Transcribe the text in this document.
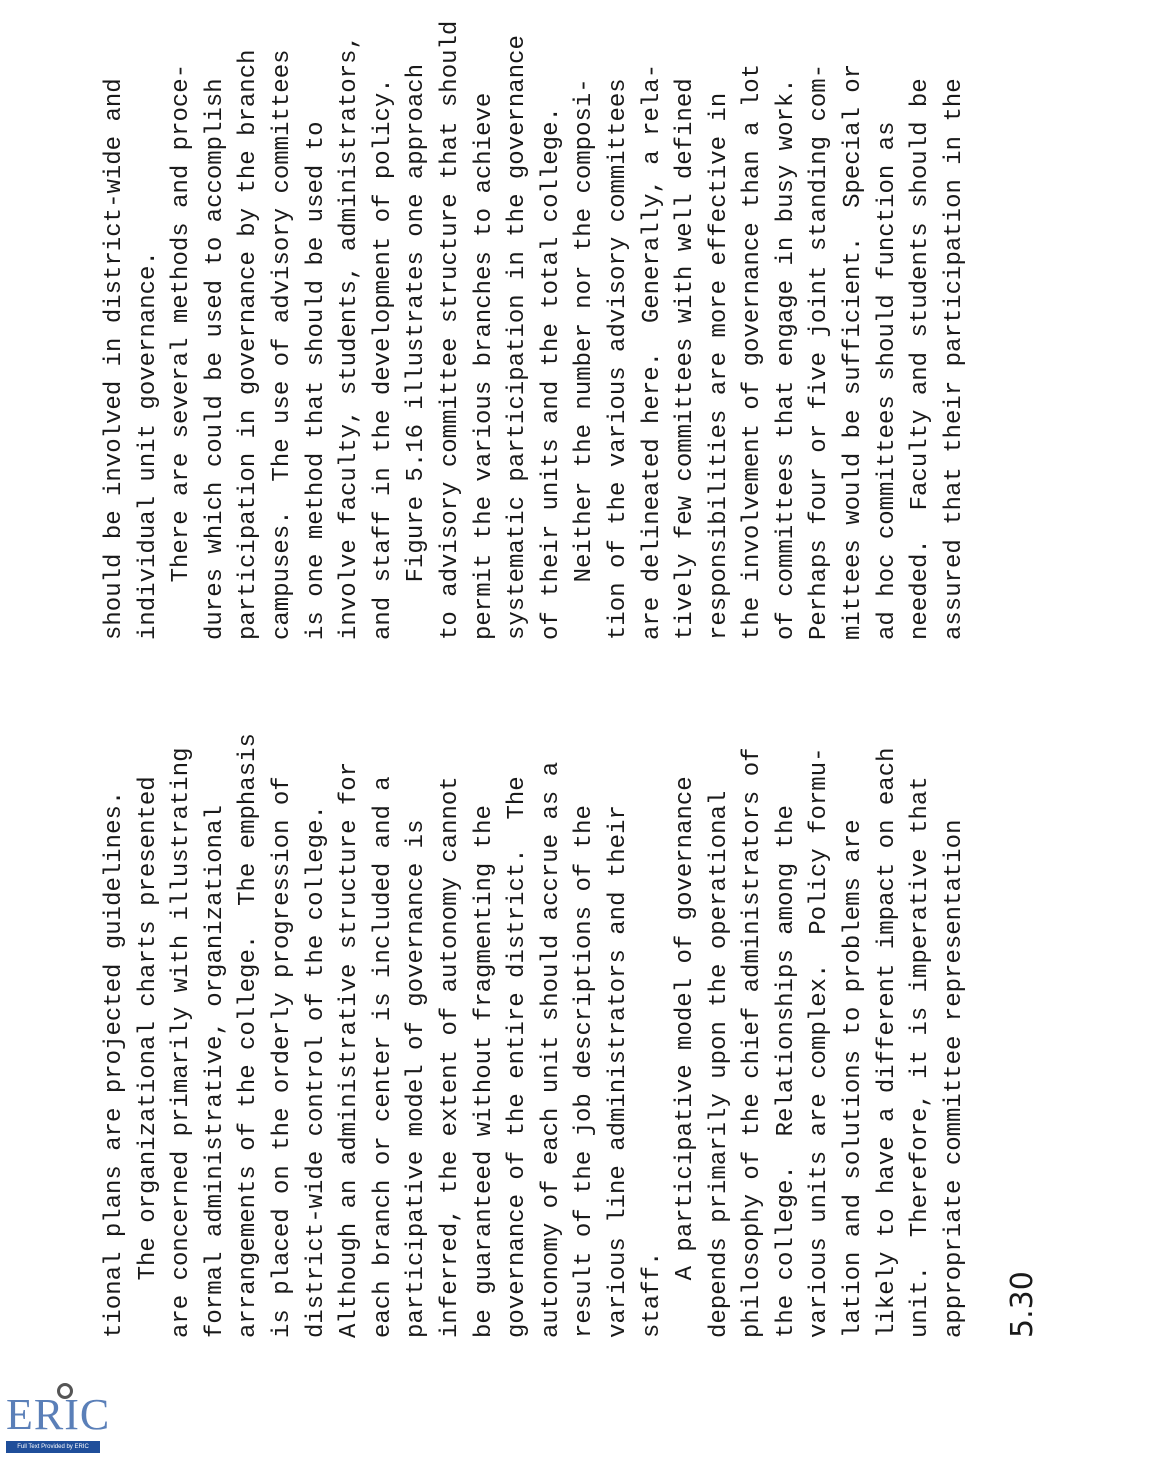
ERIC
Full Text Provided by ERIC
tional plans are projected guidelines. The organizational charts presented are concerned primarily with illustrating formal administrative, organizational arrangements of the college.  The emphasis is placed on the orderly progression of district-wide control of the college. Although an administrative structure for each branch or center is included and a participative model of governance is inferred, the extent of autonomy cannot be guaranteed without fragmenting the governance of the entire district.  The autonomy of each unit should accrue as a result of the job descriptions of the various line administrators and their staff. A participative model of governance depends primarily upon the operational philosophy of the chief administrators of the college.  Relationships among the various units are complex.  Policy formu- lation and solutions to problems are likely to have a different impact on each unit.  Therefore, it is imperative that appropriate committee representation
should be involved in district-wide and individual unit governance. There are several methods and proce- dures which could be used to accomplish participation in governance by the branch campuses.  The use of advisory committees is one method that should be used to involve faculty, students, administrators, and staff in the development of policy. Figure 5.16 illustrates one approach to advisory committee structure that should permit the various branches to achieve systematic participation in the governance of their units and the total college. Neither the number nor the composi- tion of the various advisory committees are delineated here.  Generally, a rela- tively few committees with well defined responsibilities are more effective in the involvement of governance than a lot of committees that engage in busy work. Perhaps four or five joint standing com- mittees would be sufficient.  Special or ad hoc committees should function as needed.  Faculty and students should be assured that their participation in the
5.30
